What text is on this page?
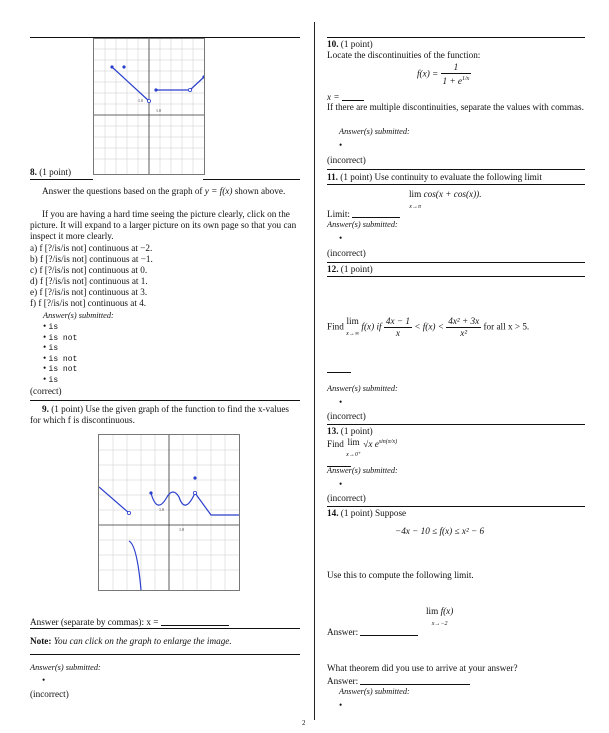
1.0
1.0
8. (1 point)
Answer the questions based on the graph of y = f(x) shown above.
If you are having a hard time seeing the picture clearly, click on the picture. It will expand to a larger picture on its own page so that you can inspect it more clearly.
a) f [?/is/is not] continuous at −2.
b) f [?/is/is not] continuous at −1.
c) f [?/is/is not] continuous at 0.
d) f [?/is/is not] continuous at 1.
e) f [?/is/is not] continuous at 3.
f) f [?/is/is not] continuous at 4.
Answer(s) submitted:
• is
• is not
• is
• is not
• is not
• is
(correct)
9. (1 point) Use the given graph of the function to find the x-values for which f is discontinuous.
1.0
1.0
Answer (separate by commas): x =
Note: You can click on the graph to enlarge the image.
Answer(s) submitted:
•
(incorrect)
10. (1 point)
Locate the discontinuities of the function:
$f(x) = \frac{1}{1 + e^{1/x}}$
x =
If there are multiple discontinuities, separate the values with commas.
Answer(s) submitted:
•
(incorrect)
11. (1 point) Use continuity to evaluate the following limit
lim
x→π cos(x + cos(x)).
Limit:
Answer(s) submitted:
•
(incorrect)
12. (1 point)
Find lim
x→∞ f(x) if $\frac{4x - 1}{x} < f(x) < \frac{\text{4x² + 3x}}{\text{x²}}$ for all x > 5.
Answer(s) submitted:
•
(incorrect)
13. (1 point)
Find lim
x→0⁺ √x $e^{sin(\pi/x)}$
Answer(s) submitted:
•
(incorrect)
14. (1 point) Suppose
−4x − 10 ≤ f(x) ≤ x² − 6
Use this to compute the following limit.
lim f(x)
x→−2
Answer:
What theorem did you use to arrive at your answer?
Answer:
Answer(s) submitted:
•
2
